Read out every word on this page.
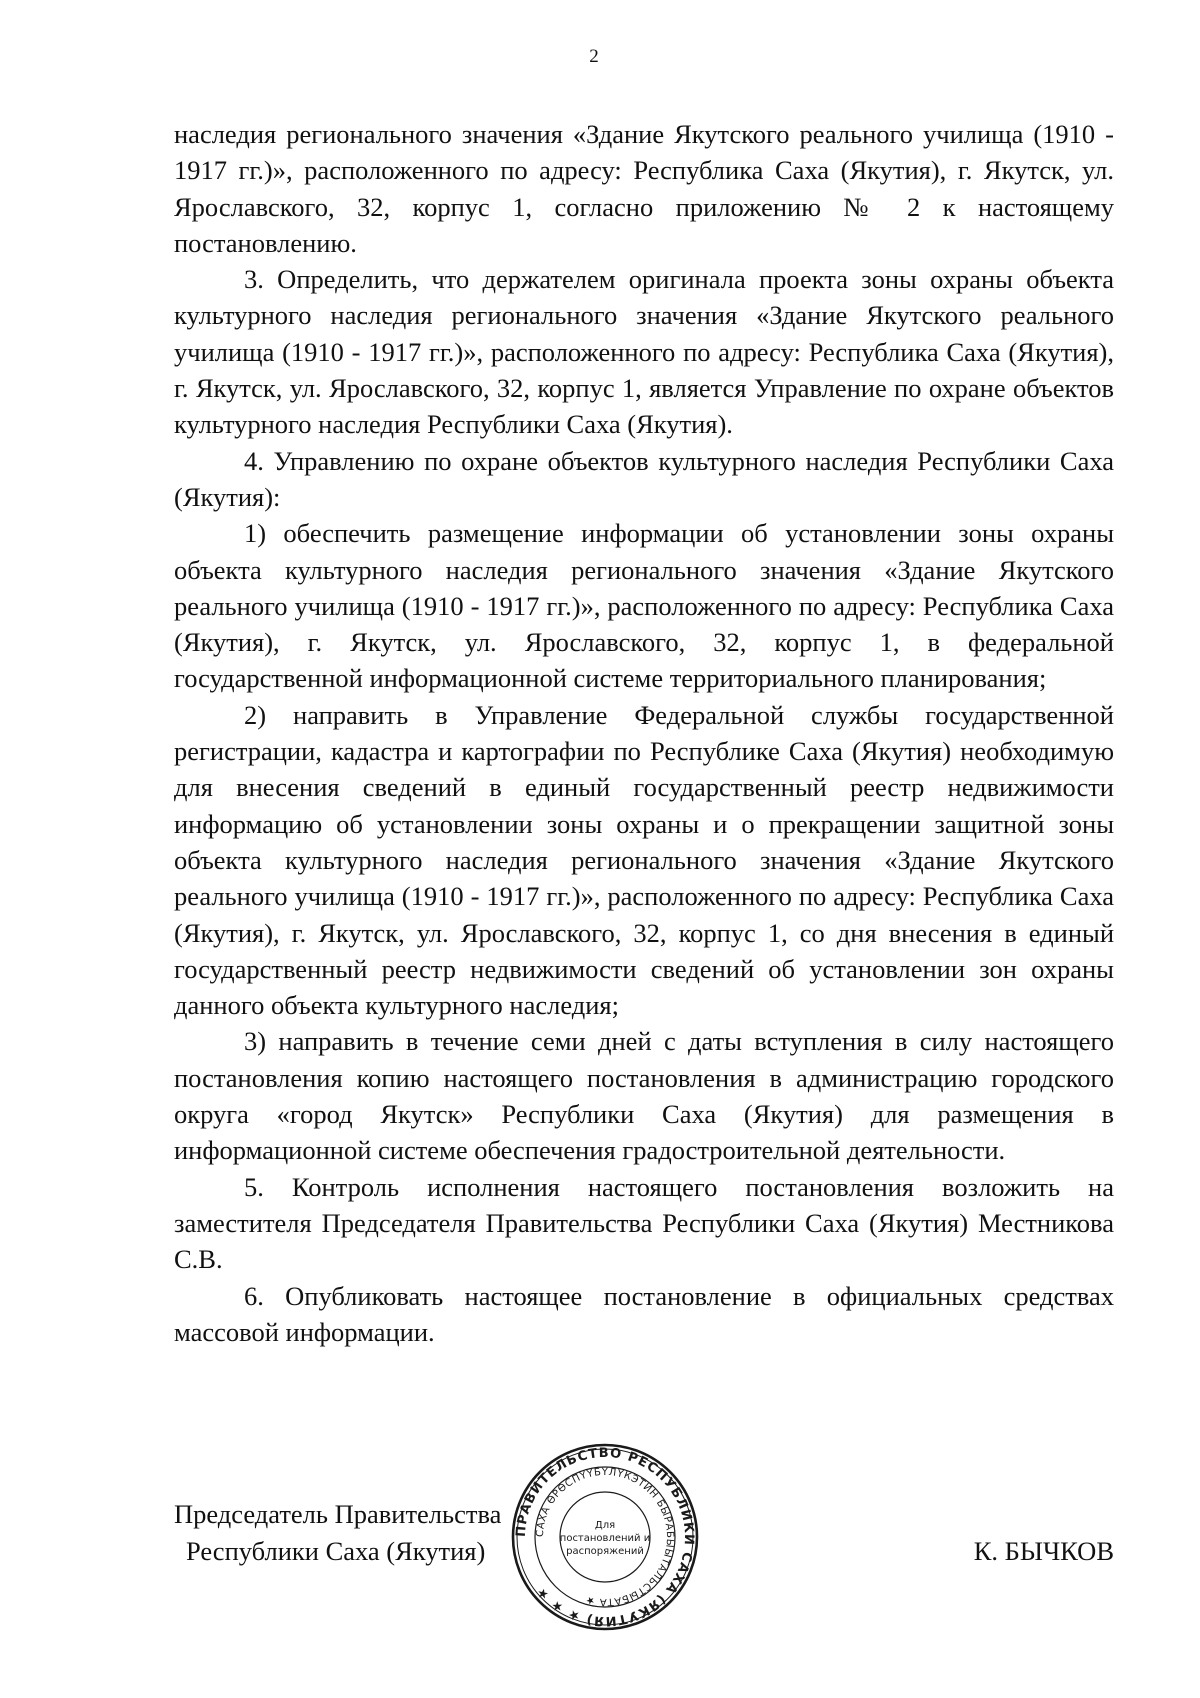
2

наследия регионального значения «Здание Якутского реального училища (1910 - 1917 гг.)», расположенного по адресу: Республика Саха (Якутия), г. Якутск, ул. Ярославского, 32, корпус 1, согласно приложению № 2 к настоящему постановлению.

3. Определить, что держателем оригинала проекта зоны охраны объекта культурного наследия регионального значения «Здание Якутского реального училища (1910 - 1917 гг.)», расположенного по адресу: Республика Саха (Якутия), г. Якутск, ул. Ярославского, 32, корпус 1, является Управление по охране объектов культурного наследия Республики Саха (Якутия).

4. Управлению по охране объектов культурного наследия Республики Саха (Якутия):

1) обеспечить размещение информации об установлении зоны охраны объекта культурного наследия регионального значения «Здание Якутского реального училища (1910 - 1917 гг.)», расположенного по адресу: Республика Саха (Якутия), г. Якутск, ул. Ярославского, 32, корпус 1, в федеральной государственной информационной системе территориального планирования;

2) направить в Управление Федеральной службы государственной регистрации, кадастра и картографии по Республике Саха (Якутия) необходимую для внесения сведений в единый государственный реестр недвижимости информацию об установлении зоны охраны и о прекращении защитной зоны объекта культурного наследия регионального значения «Здание Якутского реального училища (1910 - 1917 гг.)», расположенного по адресу: Республика Саха (Якутия), г. Якутск, ул. Ярославского, 32, корпус 1, со дня внесения в единый государственный реестр недвижимости сведений об установлении зон охраны данного объекта культурного наследия;

3) направить в течение семи дней с даты вступления в силу настоящего постановления копию настоящего постановления в администрацию городского округа «город Якутск» Республики Саха (Якутия) для размещения в информационной системе обеспечения градостроительной деятельности.

5. Контроль исполнения настоящего постановления возложить на заместителя Председателя Правительства Республики Саха (Якутия) Местникова С.В.

6. Опубликовать настоящее постановление в официальных средствах массовой информации.

Председатель Правительства
Республики Саха (Якутия)	К. БЫЧКОВ
ПРАВИТЕЛЬСТВО РЕСПУБЛИКИ САХА (ЯКУТИЯ) ★ ★ ★
САХА ӨРӨСПҮҮБҮЛҮКЭТИН БЫРАБЫЫТАЛЬСТЫБАТА ★
Для
постановлений и
распоряжений
